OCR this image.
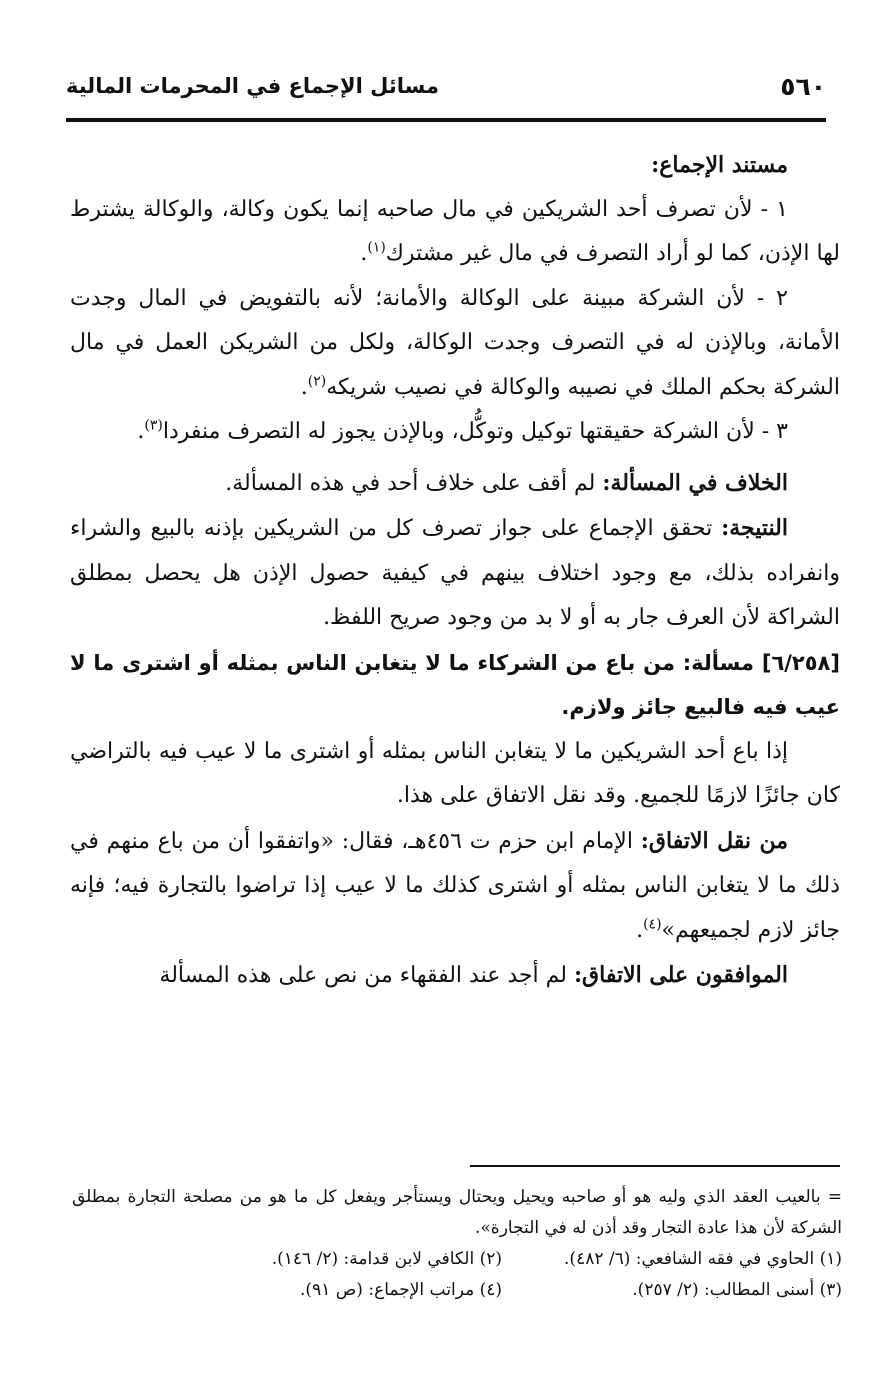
٥٦٠
مسائل الإجماع في المحرمات المالية

مستند الإجماع:

١ - لأن تصرف أحد الشريكين في مال صاحبه إنما يكون وكالة، والوكالة يشترط لها الإذن، كما لو أراد التصرف في مال غير مشترك$^{(١)}$.

٢ - لأن الشركة مبينة على الوكالة والأمانة؛ لأنه بالتفويض في المال وجدت الأمانة، وبالإذن له في التصرف وجدت الوكالة، ولكل من الشريكن العمل في مال الشركة بحكم الملك في نصيبه والوكالة في نصيب شريكه$^{(٢)}$.

٣ - لأن الشركة حقيقتها توكيل وتوكُّل، وبالإذن يجوز له التصرف منفردا$^{(٣)}$.

الخلاف في المسألة: لم أقف على خلاف أحد في هذه المسألة.

النتيجة: تحقق الإجماع على جواز تصرف كل من الشريكين بإذنه بالبيع والشراء وانفراده بذلك، مع وجود اختلاف بينهم في كيفية حصول الإذن هل يحصل بمطلق الشراكة لأن العرف جار به أو لا بد من وجود صريح اللفظ.

[٦/٢٥٨] مسألة: من باع من الشركاء ما لا يتغابن الناس بمثله أو اشترى ما لا عيب فيه فالبيع جائز ولازم.

إذا باع أحد الشريكين ما لا يتغابن الناس بمثله أو اشترى ما لا عيب فيه بالتراضي كان جائزًا لازمًا للجميع. وقد نقل الاتفاق على هذا.

من نقل الاتفاق: الإمام ابن حزم ت ٤٥٦هـ، فقال: «واتفقوا أن من باع منهم في ذلك ما لا يتغابن الناس بمثله أو اشترى كذلك ما لا عيب إذا تراضوا بالتجارة فيه؛ فإنه جائز لازم لجميعهم»$^{(٤)}$.

الموافقون على الاتفاق: لم أجد عند الفقهاء من نص على هذه المسألة

= بالعيب العقد الذي وليه هو أو صاحبه ويحيل ويحتال ويستأجر ويفعل كل ما هو من مصلحة التجارة بمطلق الشركة لأن هذا عادة التجار وقد أذن له في التجارة».

(١) الحاوي في فقه الشافعي: (٦/ ٤٨٢).
(٢) الكافي لابن قدامة: (٢/ ١٤٦).
(٣) أسنى المطالب: (٢/ ٢٥٧).
(٤) مراتب الإجماع: (ص ٩١).
